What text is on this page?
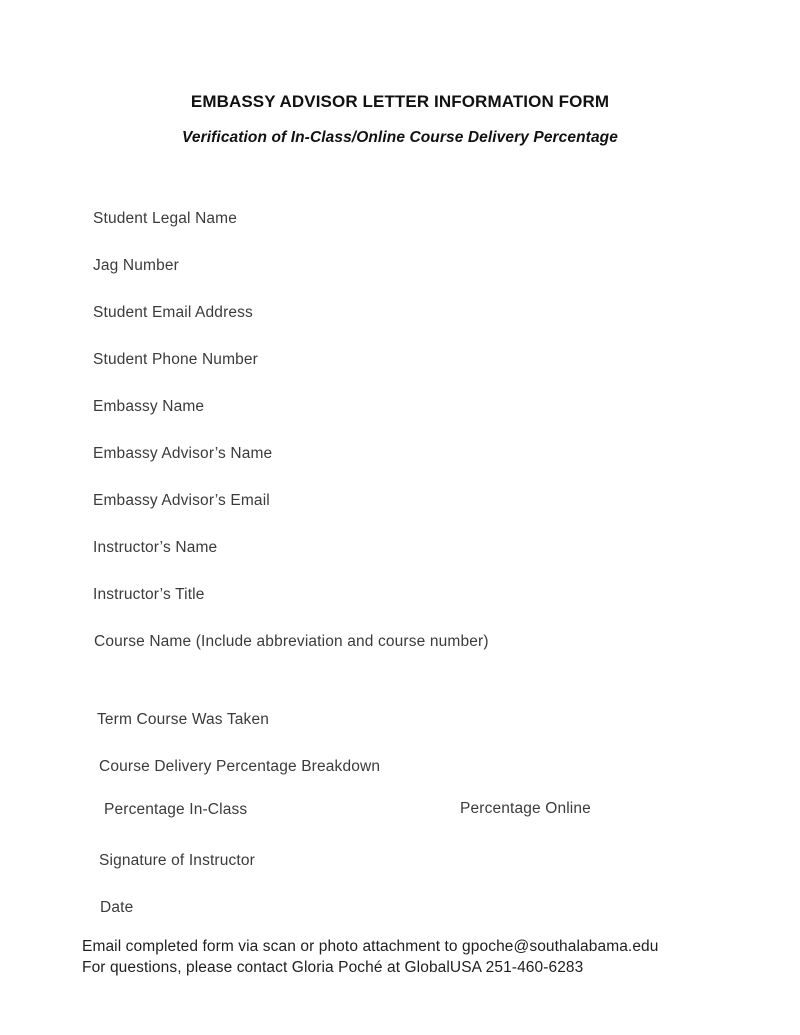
EMBASSY ADVISOR LETTER INFORMATION FORM
Verification of In-Class/Online Course Delivery Percentage
Student Legal Name
Jag Number
Student Email Address
Student Phone Number
Embassy Name
Embassy Advisor’s Name
Embassy Advisor’s Email
Instructor’s Name
Instructor’s Title
Course Name (Include abbreviation and course number)
Term Course Was Taken
Course Delivery Percentage Breakdown
Percentage In-Class	Percentage Online
Signature of Instructor
Date
Email completed form via scan or photo attachment to gpoche@southalabama.edu
For questions, please contact Gloria Poché at GlobalUSA 251-460-6283
